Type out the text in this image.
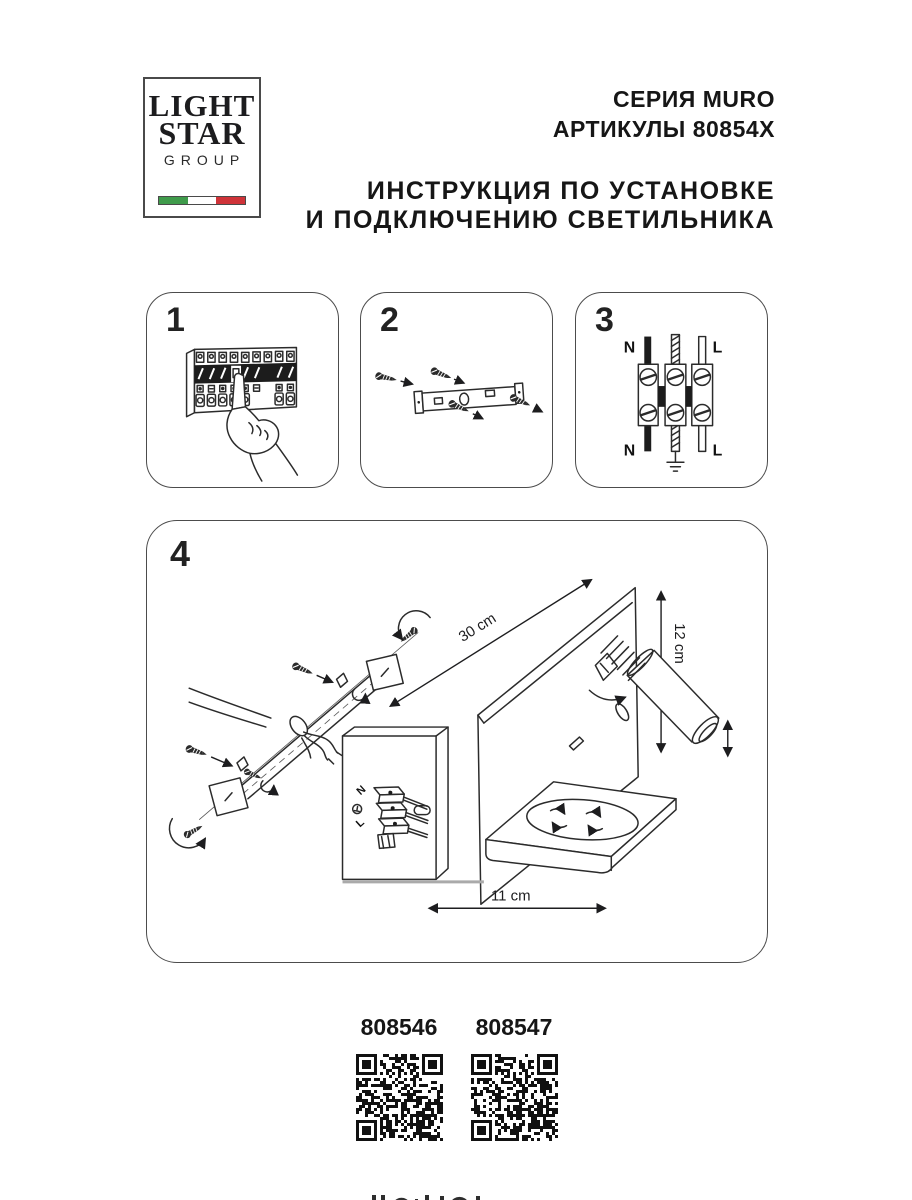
LIGHT
STAR
GROUP
СЕРИЯ MURO
АРТИКУЛЫ 80854X
ИНСТРУКЦИЯ ПО УСТАНОВКЕ
И ПОДКЛЮЧЕНИЮ СВЕТИЛЬНИКА
1	2	3
N	L
N	L
4
30 cm	12 cm
N
L
11 cm
808546 808547
